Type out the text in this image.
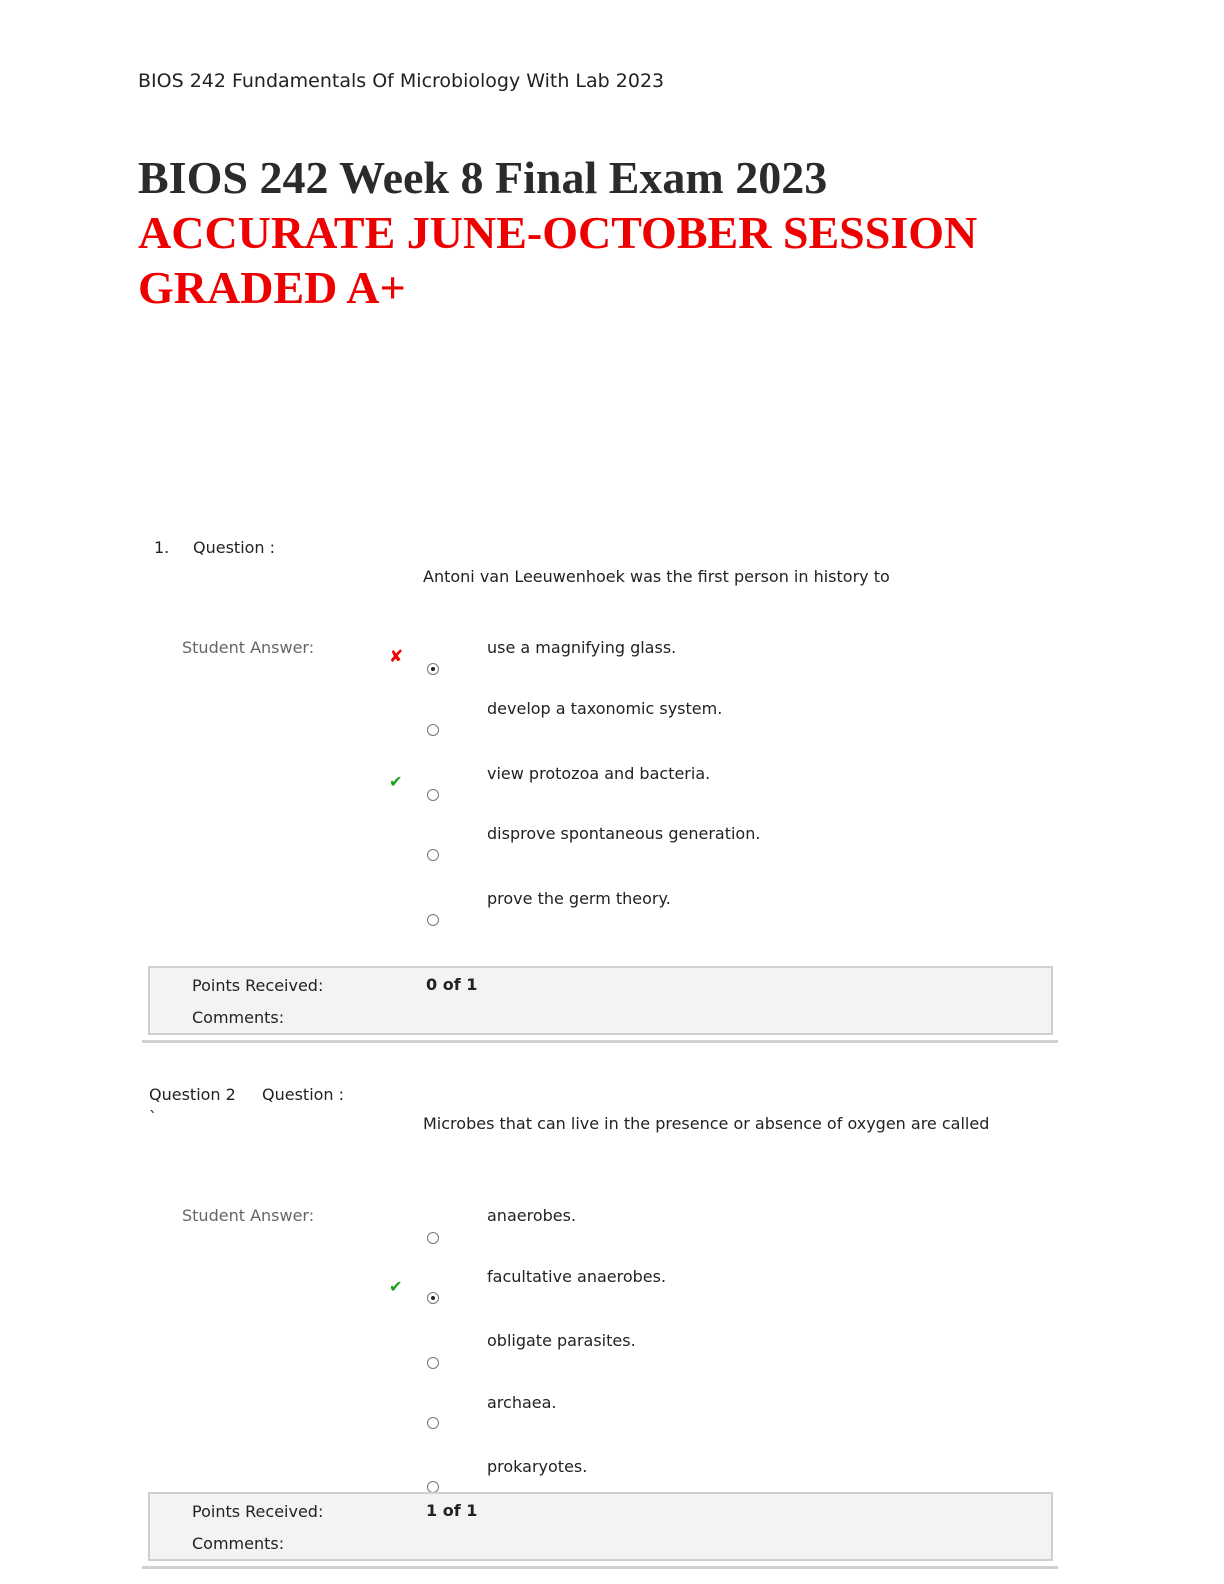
BIOS 242 Fundamentals Of Microbiology With Lab 2023
BIOS 242 Week 8 Final Exam 2023
ACCURATE JUNE-OCTOBER SESSION
GRADED A+
1. Question :
Antoni van Leeuwenhoek was the first person in history to
Student Answer:	✘
✔
use a magnifying glass.
develop a taxonomic system.
view protozoa and bacteria.
disprove spontaneous generation.
prove the germ theory.
Points Received:	0 of 1
Comments:
Question 2 Question :
`	Microbes that can live in the presence or absence of oxygen are called
Student Answer:
✔
anaerobes.
facultative anaerobes.
obligate parasites.
archaea.
prokaryotes.
Points Received:	1 of 1
Comments:
